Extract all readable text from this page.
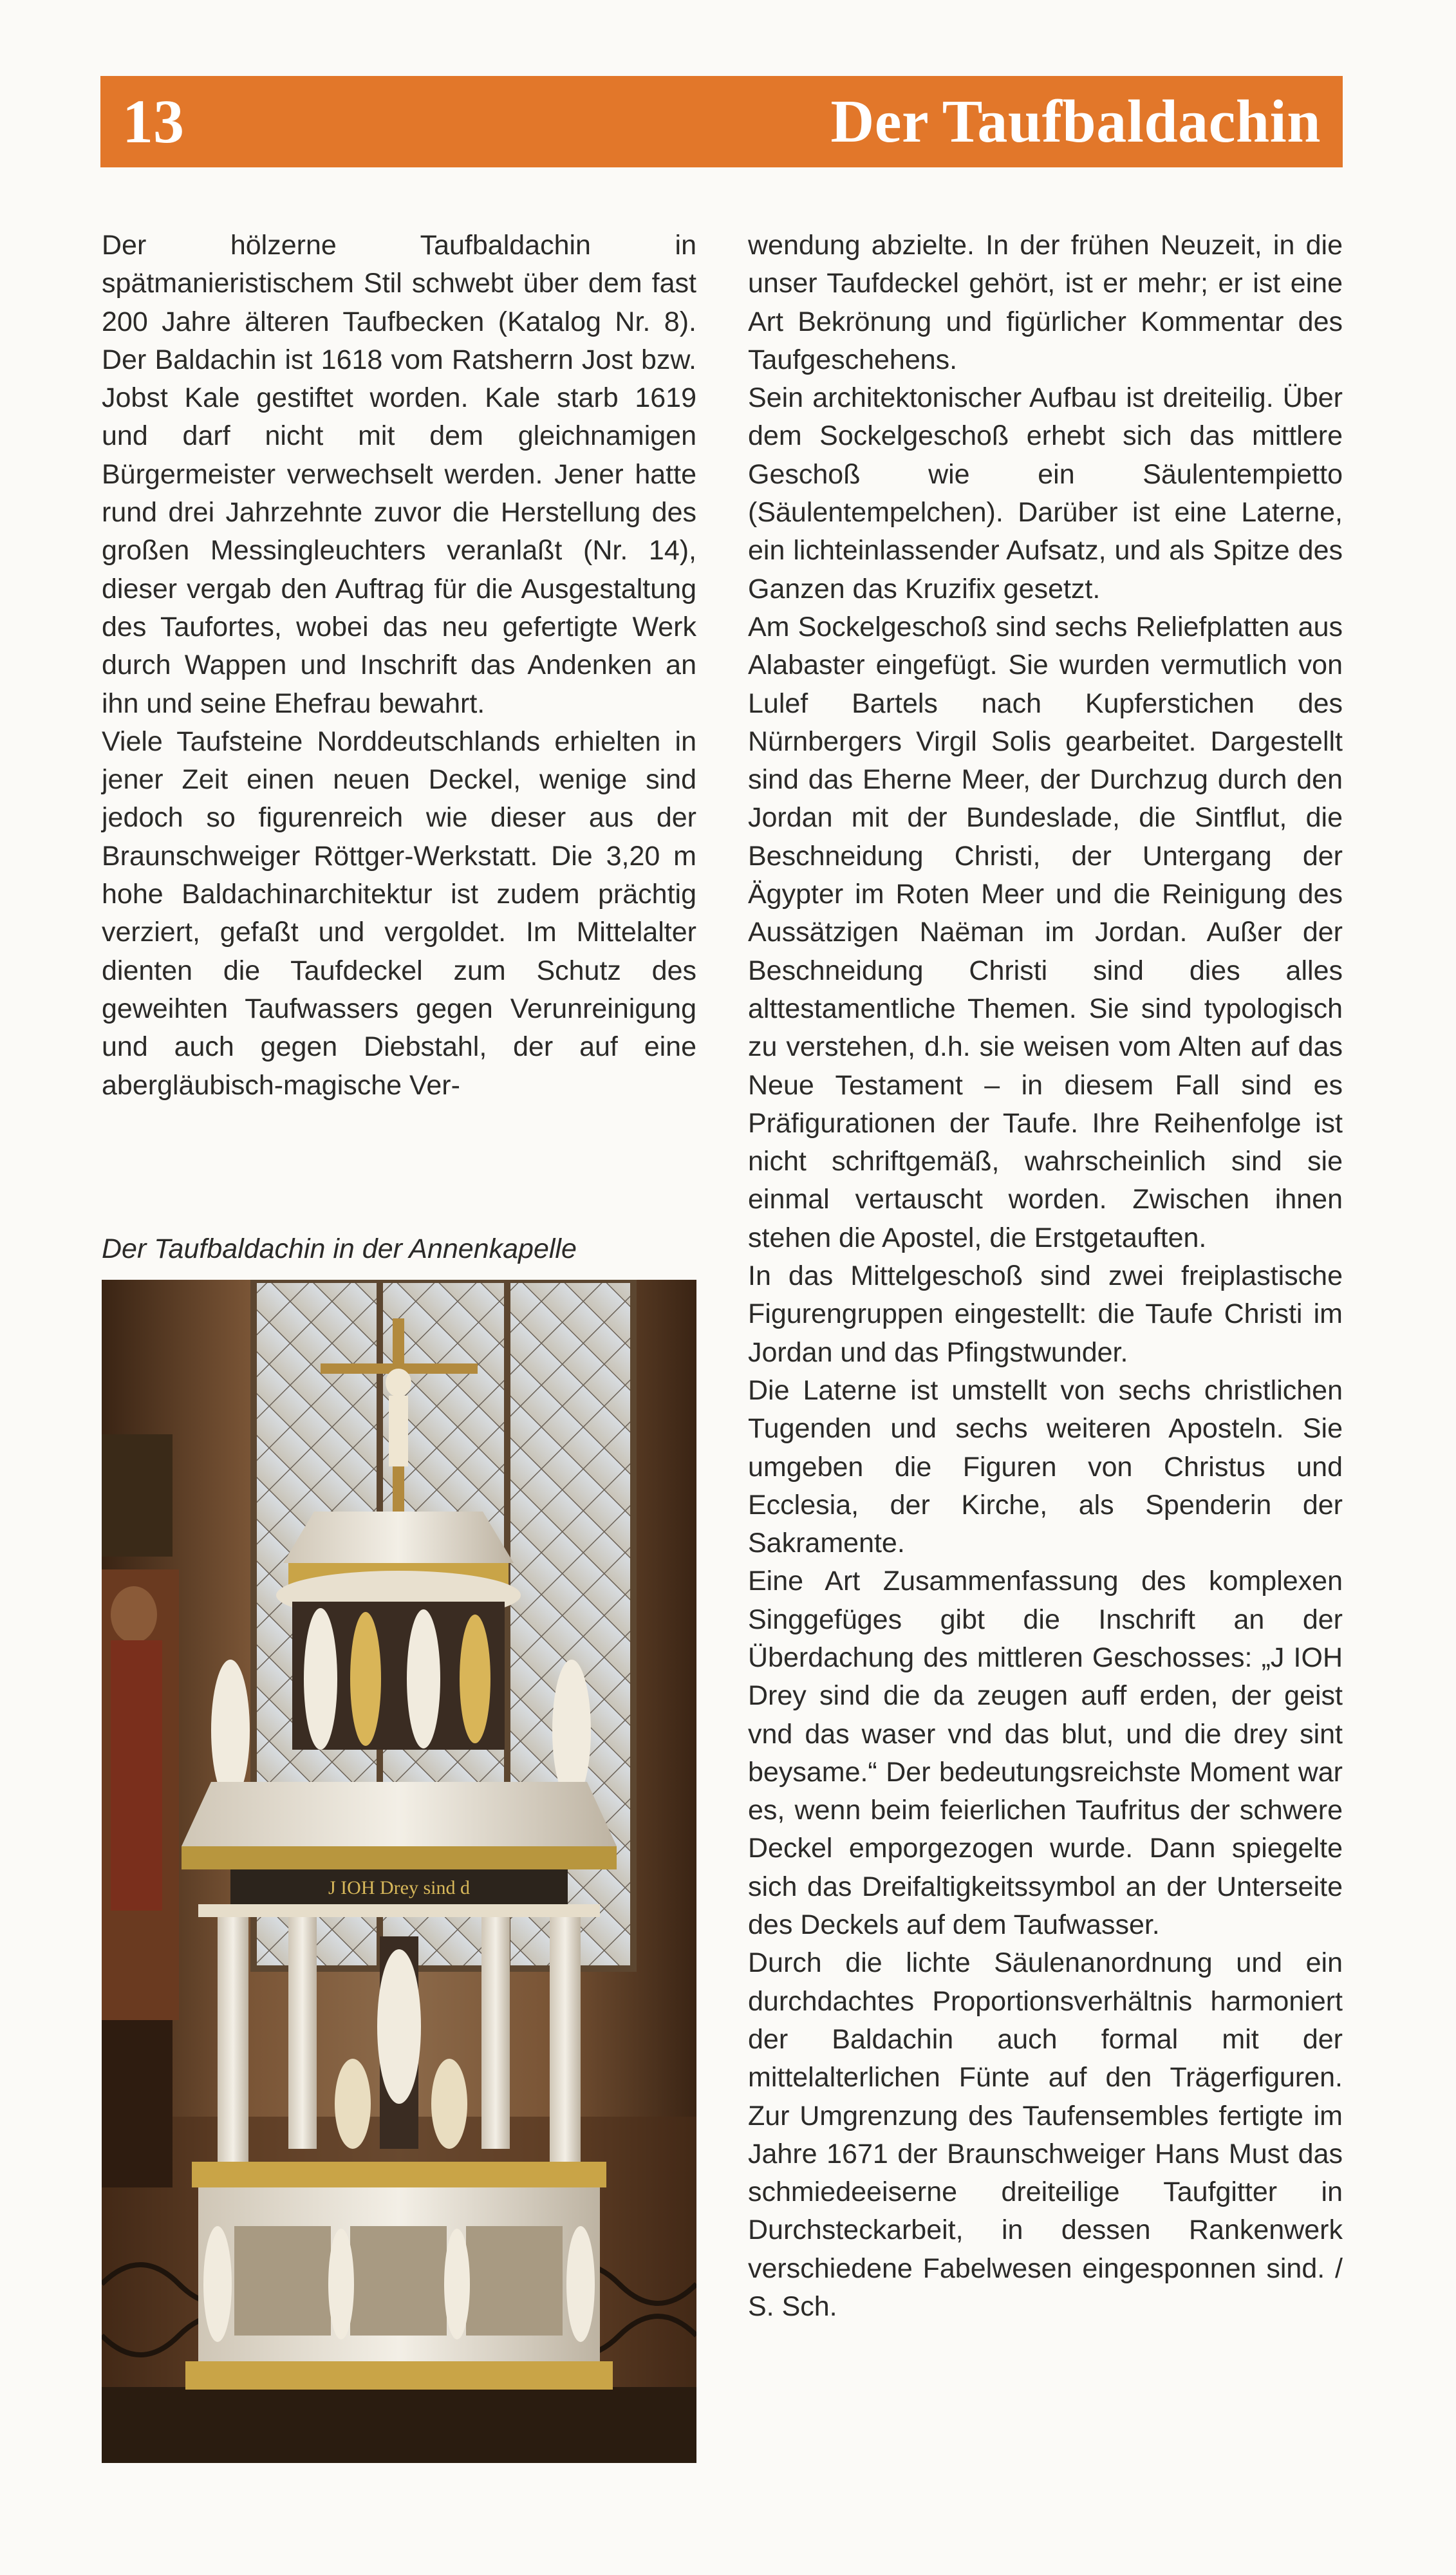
13	Der Taufbaldachin

Der hölzerne Taufbaldachin in spätmanieristischem Stil schwebt über dem fast 200 Jahre älteren Taufbecken (Katalog Nr. 8). Der Baldachin ist 1618 vom Ratsherrn Jost bzw. Jobst Kale gestiftet worden. Kale starb 1619 und darf nicht mit dem gleichnamigen Bürgermeister verwechselt werden. Jener hatte rund drei Jahrzehnte zuvor die Herstellung des großen Messingleuchters veranlaßt (Nr. 14), dieser vergab den Auftrag für die Ausgestaltung des Taufortes, wobei das neu gefertigte Werk durch Wappen und Inschrift das Andenken an ihn und seine Ehefrau bewahrt.

Viele Taufsteine Norddeutschlands erhielten in jener Zeit einen neuen Deckel, wenige sind jedoch so figurenreich wie dieser aus der Braunschweiger Röttger-Werkstatt. Die 3,20 m hohe Baldachinarchitektur ist zudem prächtig verziert, gefaßt und vergoldet. Im Mittelalter dienten die Taufdeckel zum Schutz des geweihten Taufwassers gegen Verunreinigung und auch gegen Diebstahl, der auf eine abergläubisch-magische Ver-

wendung abzielte. In der frühen Neuzeit, in die unser Taufdeckel gehört, ist er mehr; er ist eine Art Bekrönung und figürlicher Kommentar des Taufgeschehens.

Sein architektonischer Aufbau ist dreiteilig. Über dem Sockelgeschoß erhebt sich das mittlere Geschoß wie ein Säulentempietto (Säulentempelchen). Darüber ist eine Laterne, ein lichteinlassender Aufsatz, und als Spitze des Ganzen das Kruzifix gesetzt.

Am Sockelgeschoß sind sechs Reliefplatten aus Alabaster eingefügt. Sie wurden vermutlich von Lulef Bartels nach Kupferstichen des Nürnbergers Virgil Solis gearbeitet. Dargestellt sind das Eherne Meer, der Durchzug durch den Jordan mit der Bundeslade, die Sintflut, die Beschneidung Christi, der Untergang der Ägypter im Roten Meer und die Reinigung des Aussätzigen Naëman im Jordan. Außer der Beschneidung Christi sind dies alles alttestamentliche Themen. Sie sind typologisch zu verstehen, d.h. sie weisen vom Alten auf das Neue Testament – in diesem Fall sind es Präfigurationen der Taufe. Ihre Reihenfolge ist nicht schriftgemäß, wahrscheinlich sind sie einmal vertauscht worden. Zwischen ihnen stehen die Apostel, die Erstgetauften.

In das Mittelgeschoß sind zwei freiplastische Figurengruppen eingestellt: die Taufe Christi im Jordan und das Pfingstwunder.

Die Laterne ist umstellt von sechs christlichen Tugenden und sechs weiteren Aposteln. Sie umgeben die Figuren von Christus und Ecclesia, der Kirche, als Spenderin der Sakramente.

Eine Art Zusammenfassung des komplexen Singgefüges gibt die Inschrift an der Überdachung des mittleren Geschosses: „J IOH Drey sind die da zeugen auff erden, der geist vnd das waser vnd das blut, und die drey sint beysame.“ Der bedeutungsreichste Moment war es, wenn beim feierlichen Taufritus der schwere Deckel emporgezogen wurde. Dann spiegelte sich das Dreifaltigkeitssymbol an der Unterseite des Deckels auf dem Taufwasser.

Durch die lichte Säulenanordnung und ein durchdachtes Proportionsverhältnis harmoniert der Baldachin auch formal mit der mittelalterlichen Fünte auf den Trägerfiguren. Zur Umgrenzung des Taufensembles fertigte im Jahre 1671 der Braunschweiger Hans Must das schmiedeeiserne dreiteilige Taufgitter in Durchsteckarbeit, in dessen Rankenwerk verschiedene Fabelwesen eingesponnen sind. / S. Sch.

Der Taufbaldachin in der Annenkapelle
J IOH Drey sind d
